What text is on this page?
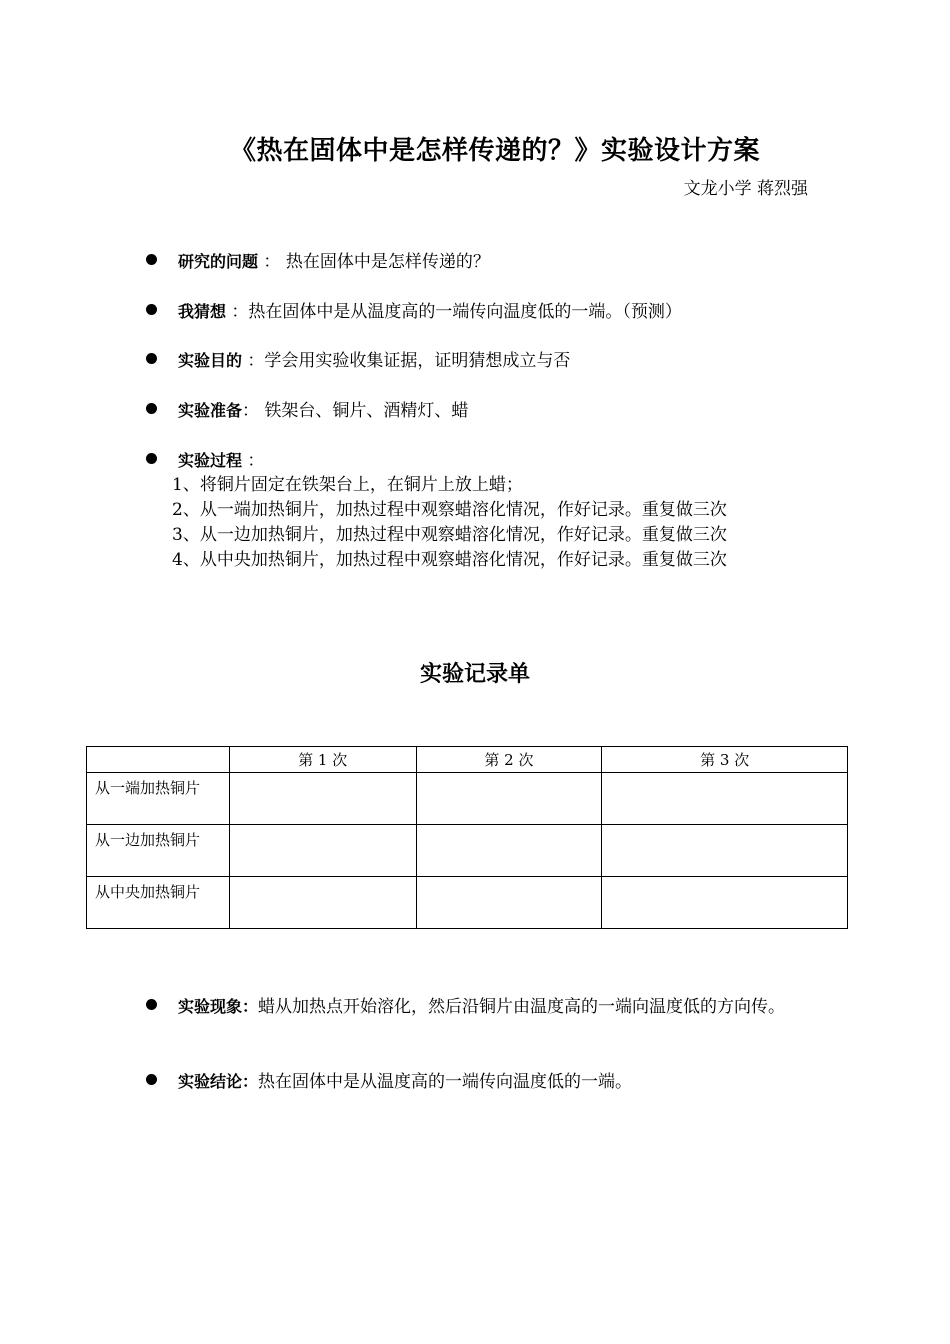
《热在固体中是怎样传递的？》实验设计方案
文龙小学 蒋烈强
研究的问题 ： 热在固体中是怎样传递的？
我猜想 ：热在固体中是从温度高的一端传向温度低的一端。（预测）
实验目的 ：学会用实验收集证据，证明猜想成立与否
实验准备： 铁架台、铜片、酒精灯、蜡
实验过程 ：
1、将铜片固定在铁架台上，在铜片上放上蜡；
2、从一端加热铜片，加热过程中观察蜡溶化情况，作好记录。重复做三次
3、从一边加热铜片，加热过程中观察蜡溶化情况，作好记录。重复做三次
4、从中央加热铜片，加热过程中观察蜡溶化情况，作好记录。重复做三次
实验记录单
	第 1 次	第 2 次	第 3 次
从一端加热铜片			
从一边加热铜片			
从中央加热铜片			
实验现象：蜡从加热点开始溶化，然后沿铜片由温度高的一端向温度低的方向传。
实验结论：热在固体中是从温度高的一端传向温度低的一端。
